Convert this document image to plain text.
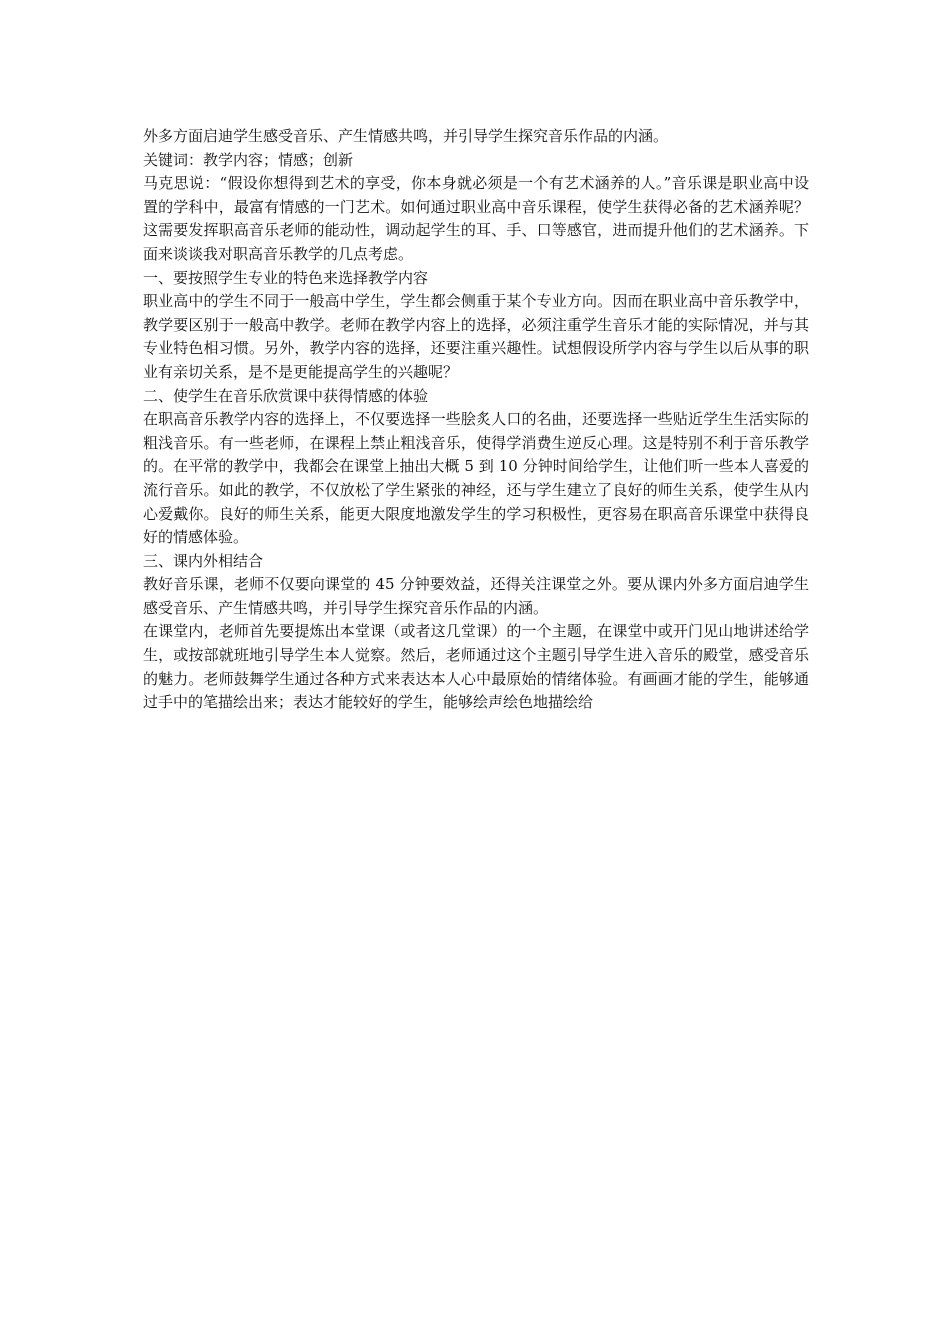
外多方面启迪学生感受音乐、产生情感共鸣，并引导学生探究音乐作品的内涵。

关键词：教学内容；情感；创新

马克思说：“假设你想得到艺术的享受，你本身就必须是一个有艺术涵养的人。”音乐课是职业高中设置的学科中，最富有情感的一门艺术。如何通过职业高中音乐课程，使学生获得必备的艺术涵养呢？这需要发挥职高音乐老师的能动性，调动起学生的耳、手、口等感官，进而提升他们的艺术涵养。下面来谈谈我对职高音乐教学的几点考虑。

一、要按照学生专业的特色来选择教学内容

职业高中的学生不同于一般高中学生，学生都会侧重于某个专业方向。因而在职业高中音乐教学中，教学要区别于一般高中教学。老师在教学内容上的选择，必须注重学生音乐才能的实际情况，并与其专业特色相习惯。另外，教学内容的选择，还要注重兴趣性。试想假设所学内容与学生以后从事的职业有亲切关系，是不是更能提高学生的兴趣呢？

二、使学生在音乐欣赏课中获得情感的体验

在职高音乐教学内容的选择上，不仅要选择一些脍炙人口的名曲，还要选择一些贴近学生生活实际的粗浅音乐。有一些老师，在课程上禁止粗浅音乐，使得学消费生逆反心理。这是特别不利于音乐教学的。在平常的教学中，我都会在课堂上抽出大概 5 到 10 分钟时间给学生，让他们听一些本人喜爱的流行音乐。如此的教学，不仅放松了学生紧张的神经，还与学生建立了良好的师生关系，使学生从内心爱戴你。良好的师生关系，能更大限度地激发学生的学习积极性，更容易在职高音乐课堂中获得良好的情感体验。

三、课内外相结合

教好音乐课，老师不仅要向课堂的 45 分钟要效益，还得关注课堂之外。要从课内外多方面启迪学生感受音乐、产生情感共鸣，并引导学生探究音乐作品的内涵。

在课堂内，老师首先要提炼出本堂课（或者这几堂课）的一个主题，在课堂中或开门见山地讲述给学生，或按部就班地引导学生本人觉察。然后，老师通过这个主题引导学生进入音乐的殿堂，感受音乐的魅力。老师鼓舞学生通过各种方式来表达本人心中最原始的情绪体验。有画画才能的学生，能够通过手中的笔描绘出来；表达才能较好的学生，能够绘声绘色地描绘给
